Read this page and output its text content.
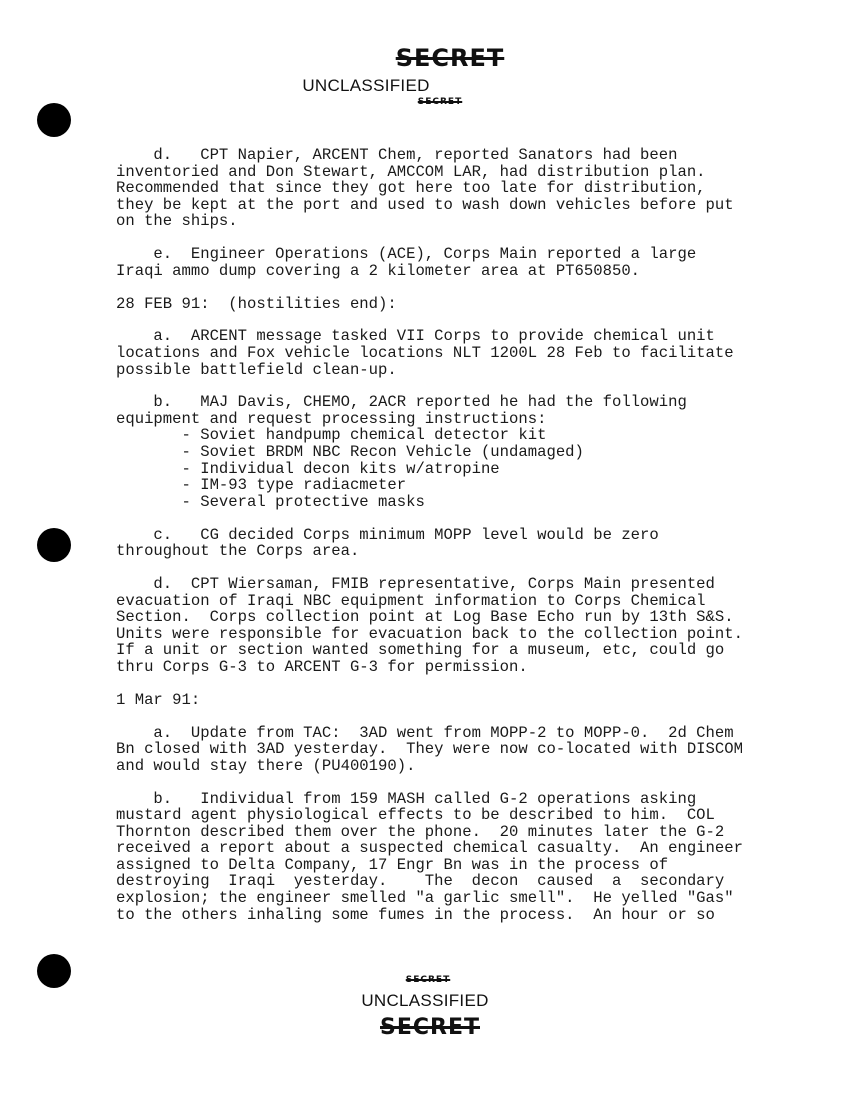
SECRET
UNCLASSIFIED
SECRET
d.   CPT Napier, ARCENT Chem, reported Sanators had been
inventoried and Don Stewart, AMCCOM LAR, had distribution plan.
Recommended that since they got here too late for distribution,
they be kept at the port and used to wash down vehicles before put
on the ships.
e.  Engineer Operations (ACE), Corps Main reported a large
Iraqi ammo dump covering a 2 kilometer area at PT650850.
28 FEB 91:  (hostilities end):
a.  ARCENT message tasked VII Corps to provide chemical unit
locations and Fox vehicle locations NLT 1200L 28 Feb to facilitate
possible battlefield clean-up.
b.   MAJ Davis, CHEMO, 2ACR reported he had the following
equipment and request processing instructions:
- Soviet handpump chemical detector kit
- Soviet BRDM NBC Recon Vehicle (undamaged)
- Individual decon kits w/atropine
- IM-93 type radiacmeter
- Several protective masks
c.   CG decided Corps minimum MOPP level would be zero
throughout the Corps area.
d.  CPT Wiersaman, FMIB representative, Corps Main presented
evacuation of Iraqi NBC equipment information to Corps Chemical
Section.  Corps collection point at Log Base Echo run by 13th S&S.
Units were responsible for evacuation back to the collection point.
If a unit or section wanted something for a museum, etc, could go
thru Corps G-3 to ARCENT G-3 for permission.
1 Mar 91:
a.  Update from TAC:  3AD went from MOPP-2 to MOPP-0.  2d Chem
Bn closed with 3AD yesterday.  They were now co-located with DISCOM
and would stay there (PU400190).
b.   Individual from 159 MASH called G-2 operations asking
mustard agent physiological effects to be described to him.  COL
Thornton described them over the phone.  20 minutes later the G-2
received a report about a suspected chemical casualty.  An engineer
assigned to Delta Company, 17 Engr Bn was in the process of
destroying  Iraqi  yesterday.    The  decon  caused  a  secondary
explosion; the engineer smelled "a garlic smell".  He yelled "Gas"
to the others inhaling some fumes in the process.  An hour or so
SECRET
UNCLASSIFIED
SECRET
